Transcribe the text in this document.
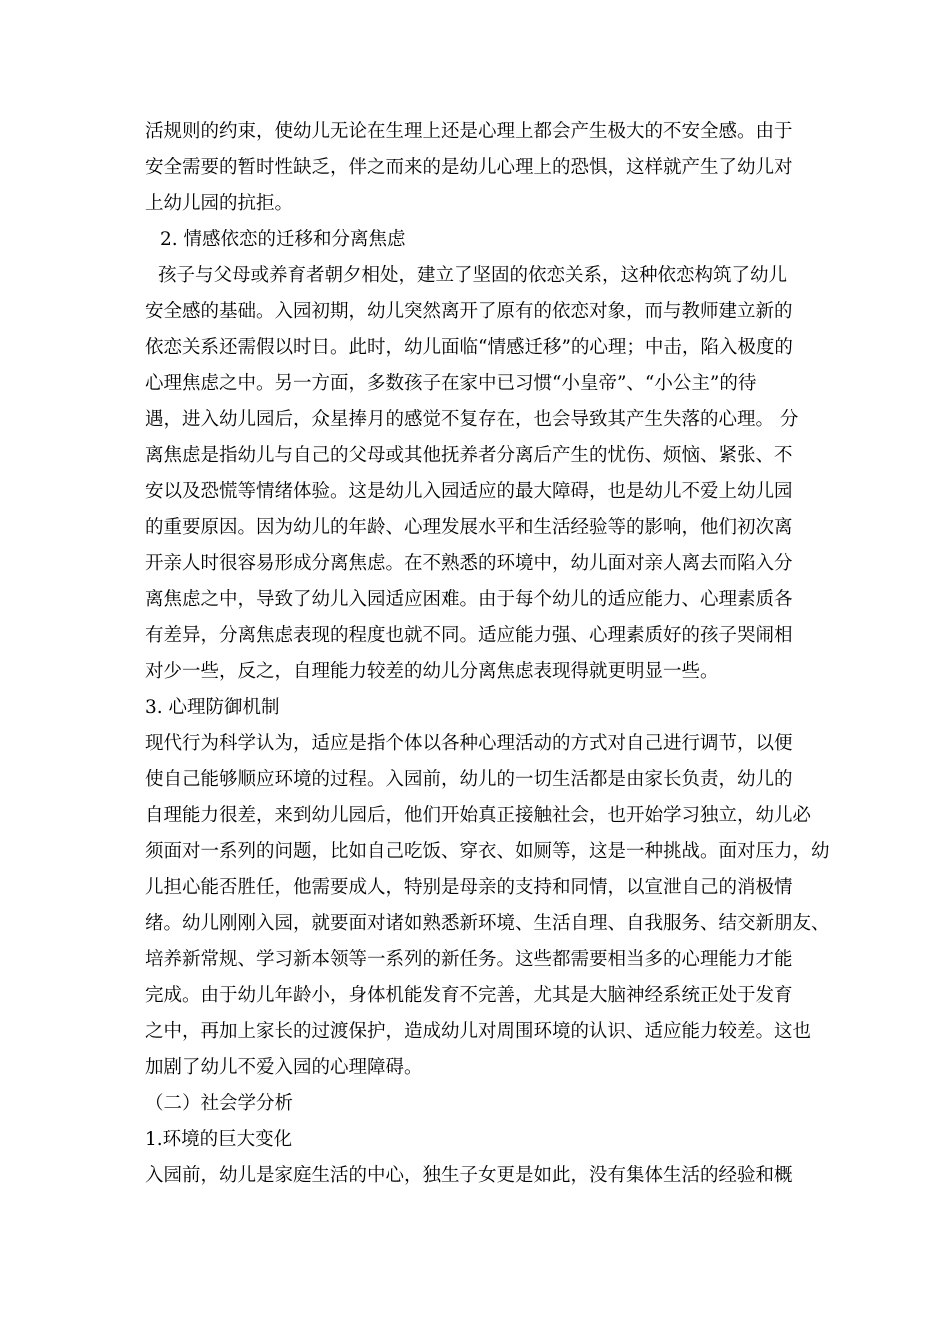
活规则的约束，使幼儿无论在生理上还是心理上都会产生极大的不安全感。由于
安全需要的暂时性缺乏，伴之而来的是幼儿心理上的恐惧，这样就产生了幼儿对
上幼儿园的抗拒。
2. 情感依恋的迁移和分离焦虑
孩子与父母或养育者朝夕相处，建立了坚固的依恋关系，这种依恋构筑了幼儿
安全感的基础。入园初期，幼儿突然离开了原有的依恋对象，而与教师建立新的
依恋关系还需假以时日。此时，幼儿面临“情感迁移”的心理；中击，陷入极度的
心理焦虑之中。另一方面，多数孩子在家中已习惯“小皇帝”、“小公主”的待
遇，进入幼儿园后，众星捧月的感觉不复存在，也会导致其产生失落的心理。 分
离焦虑是指幼儿与自己的父母或其他抚养者分离后产生的忧伤、烦恼、紧张、不
安以及恐慌等情绪体验。这是幼儿入园适应的最大障碍，也是幼儿不爱上幼儿园
的重要原因。因为幼儿的年龄、心理发展水平和生活经验等的影响，他们初次离
开亲人时很容易形成分离焦虑。在不熟悉的环境中，幼儿面对亲人离去而陷入分
离焦虑之中，导致了幼儿入园适应困难。由于每个幼儿的适应能力、心理素质各
有差异，分离焦虑表现的程度也就不同。适应能力强、心理素质好的孩子哭闹相
对少一些，反之，自理能力较差的幼儿分离焦虑表现得就更明显一些。
3. 心理防御机制
现代行为科学认为，适应是指个体以各种心理活动的方式对自己进行调节，以便
使自己能够顺应环境的过程。入园前，幼儿的一切生活都是由家长负责，幼儿的
自理能力很差，来到幼儿园后，他们开始真正接触社会，也开始学习独立，幼儿必
须面对一系列的问题，比如自己吃饭、穿衣、如厕等，这是一种挑战。面对压力，幼
儿担心能否胜任，他需要成人，特别是母亲的支持和同情，以宣泄自己的消极情
绪。幼儿刚刚入园，就要面对诸如熟悉新环境、生活自理、自我服务、结交新朋友、
培养新常规、学习新本领等一系列的新任务。这些都需要相当多的心理能力才能
完成。由于幼儿年龄小，身体机能发育不完善，尤其是大脑神经系统正处于发育
之中，再加上家长的过渡保护，造成幼儿对周围环境的认识、适应能力较差。这也
加剧了幼儿不爱入园的心理障碍。
（二）社会学分析
1.环境的巨大变化
入园前，幼儿是家庭生活的中心，独生子女更是如此，没有集体生活的经验和概
